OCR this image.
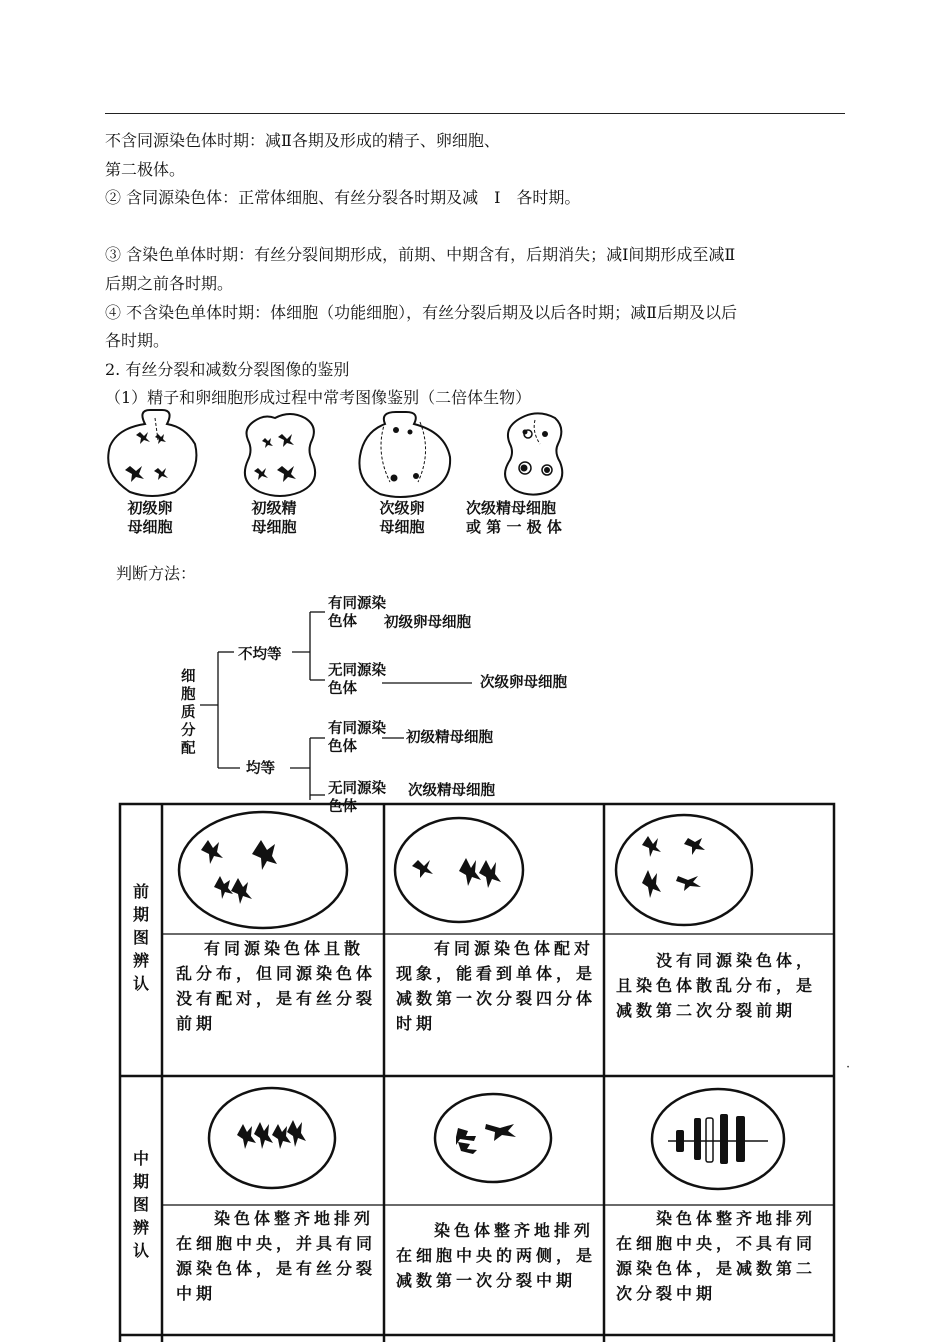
不含同源染色体时期：减Ⅱ各期及形成的精子、卵细胞、
第二极体。
② 含同源染色体：正常体细胞、有丝分裂各时期及减　Ⅰ　各时期。
③ 含染色单体时期：有丝分裂间期形成，前期、中期含有，后期消失；减Ⅰ间期形成至减Ⅱ
后期之前各时期。
④ 不含染色单体时期：体细胞（功能细胞），有丝分裂后期及以后各时期；减Ⅱ后期及以后
各时期。
2. 有丝分裂和减数分裂图像的鉴别
（1）精子和卵细胞形成过程中常考图像鉴别（二倍体生物）
初级卵
母细胞
初级精
母细胞
次级卵
母细胞
次级精母细胞
或 第 一 极 体
判断方法：
细胞质分配
不均等
均等
有同源染色体	初级卵母细胞
无同源染色体	次级卵母细胞
有同源染色体
初级精母细胞
无同源染色体
次级精母细胞
前期图辨认
中期图辨认
有同源染色体且散乱分布，但同源染色体没有配对，是有丝分裂前期
有同源染色体配对现象，能看到单体，是减数第一次分裂四分体时期
没有同源染色体，且染色体散乱分布，是减数第二次分裂前期
染色体整齐地排列在细胞中央，并具有同源染色体，是有丝分裂中期
染色体整齐地排列在细胞中央的两侧，是减数第一次分裂中期
染色体整齐地排列在细胞中央，不具有同源染色体，是减数第二次分裂中期
·
